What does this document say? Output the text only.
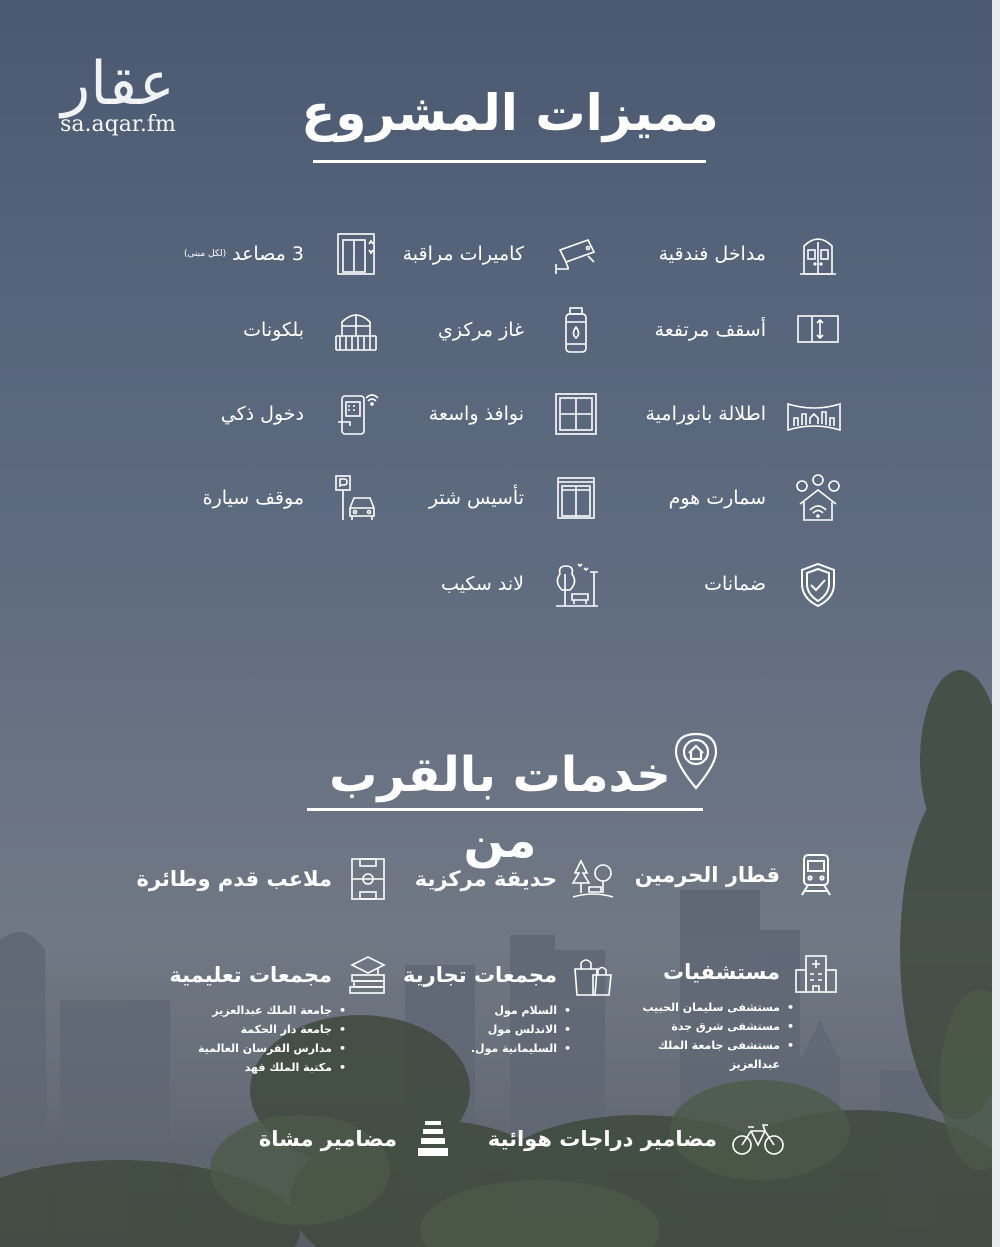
عقار
sa.aqar.fm	مميزات المشروع
مداخل فندقية
كاميرات مراقبة
3 مصاعد
(لكل مبنى)
أسقف مرتفعة
غاز مركزي
بلكونات
اطلالة بانورامية
نوافذ واسعة
دخول ذكي
سمارت هوم
تأسيس شتر
موقف سيارة
ضمانات
لاند سكيب
خدمات بالقرب من
قطار الحرمين
حديقة مركزية
ملاعب قدم وطائرة
مستشفيات
مستشفى سليمان الحبيب •
مستشفى شرق جدة •
مستشفى جامعة الملك •
عبدالعزيز
مجمعات تجارية
السلام مول •
الاندلس مول •
السليمانية مول. •
مجمعات تعليمية
جامعة الملك عبدالعزيز •
جامعة دار الحكمة •
مدارس الفرسان العالمية •
مكتبة الملك فهد •
مضامير دراجات هوائية
مضامير مشاة
